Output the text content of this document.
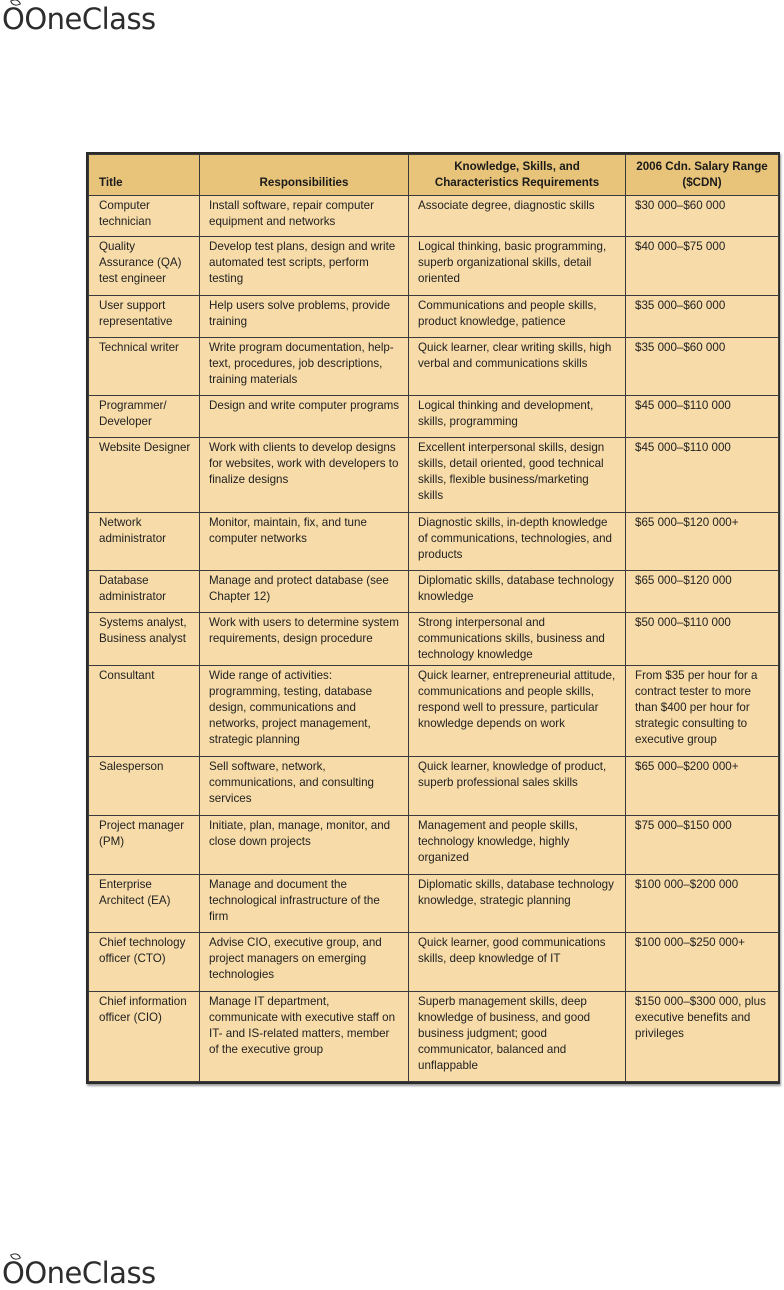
O OneClass
Title	Responsibilities	Knowledge, Skills, and Characteristics Requirements	2006 Cdn. Salary Range ($CDN)
Computer technician	Install software, repair computer equipment and networks	Associate degree, diagnostic skills	$30 000–$60 000
Quality Assurance (QA) test engineer	Develop test plans, design and write automated test scripts, perform testing	Logical thinking, basic programming, superb organizational skills, detail oriented	$40 000–$75 000
User support representative	Help users solve problems, provide training	Communications and people skills, product knowledge, patience	$35 000–$60 000
Technical writer	Write program documentation, help-text, procedures, job descriptions, training materials	Quick learner, clear writing skills, high verbal and communications skills	$35 000–$60 000
Programmer/ Developer	Design and write computer programs	Logical thinking and development, skills, programming	$45 000–$110 000
Website Designer	Work with clients to develop designs for websites, work with developers to finalize designs	Excellent interpersonal skills, design skills, detail oriented, good technical skills, flexible business/marketing skills	$45 000–$110 000
Network administrator	Monitor, maintain, fix, and tune computer networks	Diagnostic skills, in-depth knowledge of communications, technologies, and products	$65 000–$120 000+
Database administrator	Manage and protect database (see Chapter 12)	Diplomatic skills, database technology knowledge	$65 000–$120 000
Systems analyst, Business analyst	Work with users to determine system requirements, design procedure	Strong interpersonal and communications skills, business and technology knowledge	$50 000–$110 000
Consultant	Wide range of activities: programming, testing, database design, communications and networks, project management, strategic planning	Quick learner, entrepreneurial attitude, communications and people skills, respond well to pressure, particular knowledge depends on work	From $35 per hour for a contract tester to more than $400 per hour for strategic consulting to executive group
Salesperson	Sell software, network, communications, and consulting services	Quick learner, knowledge of product, superb professional sales skills	$65 000–$200 000+
Project manager (PM)	Initiate, plan, manage, monitor, and close down projects	Management and people skills, technology knowledge, highly organized	$75 000–$150 000
Enterprise Architect (EA)	Manage and document the technological infrastructure of the firm	Diplomatic skills, database technology knowledge, strategic planning	$100 000–$200 000
Chief technology officer (CTO)	Advise CIO, executive group, and project managers on emerging technologies	Quick learner, good communications skills, deep knowledge of IT	$100 000–$250 000+
Chief information officer (CIO)	Manage IT department, communicate with executive staff on IT- and IS-related matters, member of the executive group	Superb management skills, deep knowledge of business, and good business judgment; good communicator, balanced and unflappable	$150 000–$300 000, plus executive benefits and privileges
O OneClass
